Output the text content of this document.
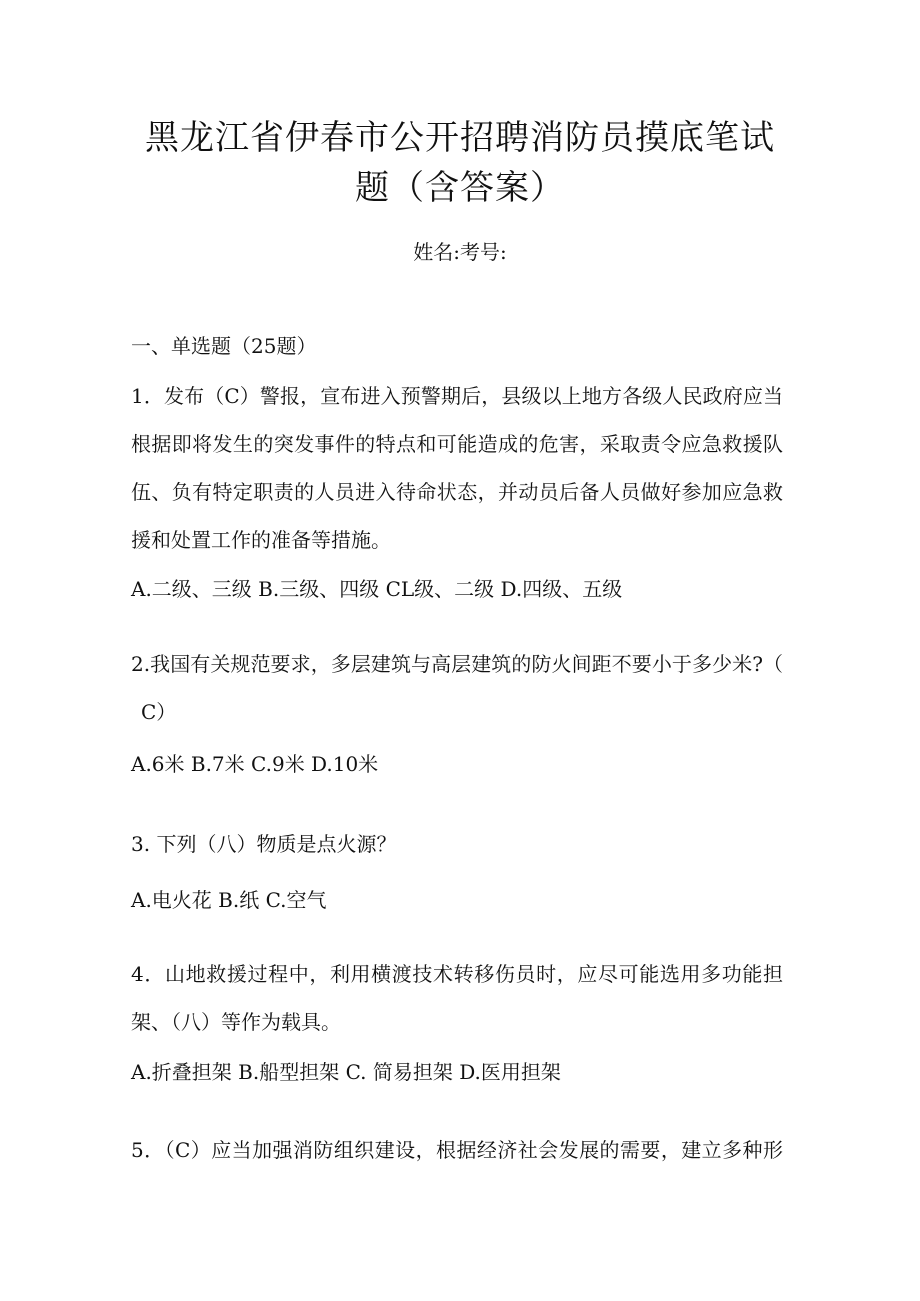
黑龙江省伊春市公开招聘消防员摸底笔试
题（含答案）
姓名:考号:
一、单选题（25题）
1．发布（C）警报，宣布进入预警期后，县级以上地方各级人民政府应当
根据即将发生的突发事件的特点和可能造成的危害，采取责令应急救援队
伍、负有特定职责的人员进入待命状态，并动员后备人员做好参加应急救
援和处置工作的准备等措施。
A.二级、三级 B.三级、四级 CL级、二级 D.四级、五级
2.我国有关规范要求，多层建筑与高层建筑的防火间距不要小于多少米?（
C）
A.6米 B.7米 C.9米 D.10米
3. 下列（八）物质是点火源？
A.电火花 B.纸 C.空气
4．山地救援过程中，利用横渡技术转移伤员时，应尽可能选用多功能担
架、（八）等作为载具。
A.折叠担架 B.船型担架 C. 简易担架 D.医用担架
5．（C）应当加强消防组织建设，根据经济社会发展的需要，建立多种形
